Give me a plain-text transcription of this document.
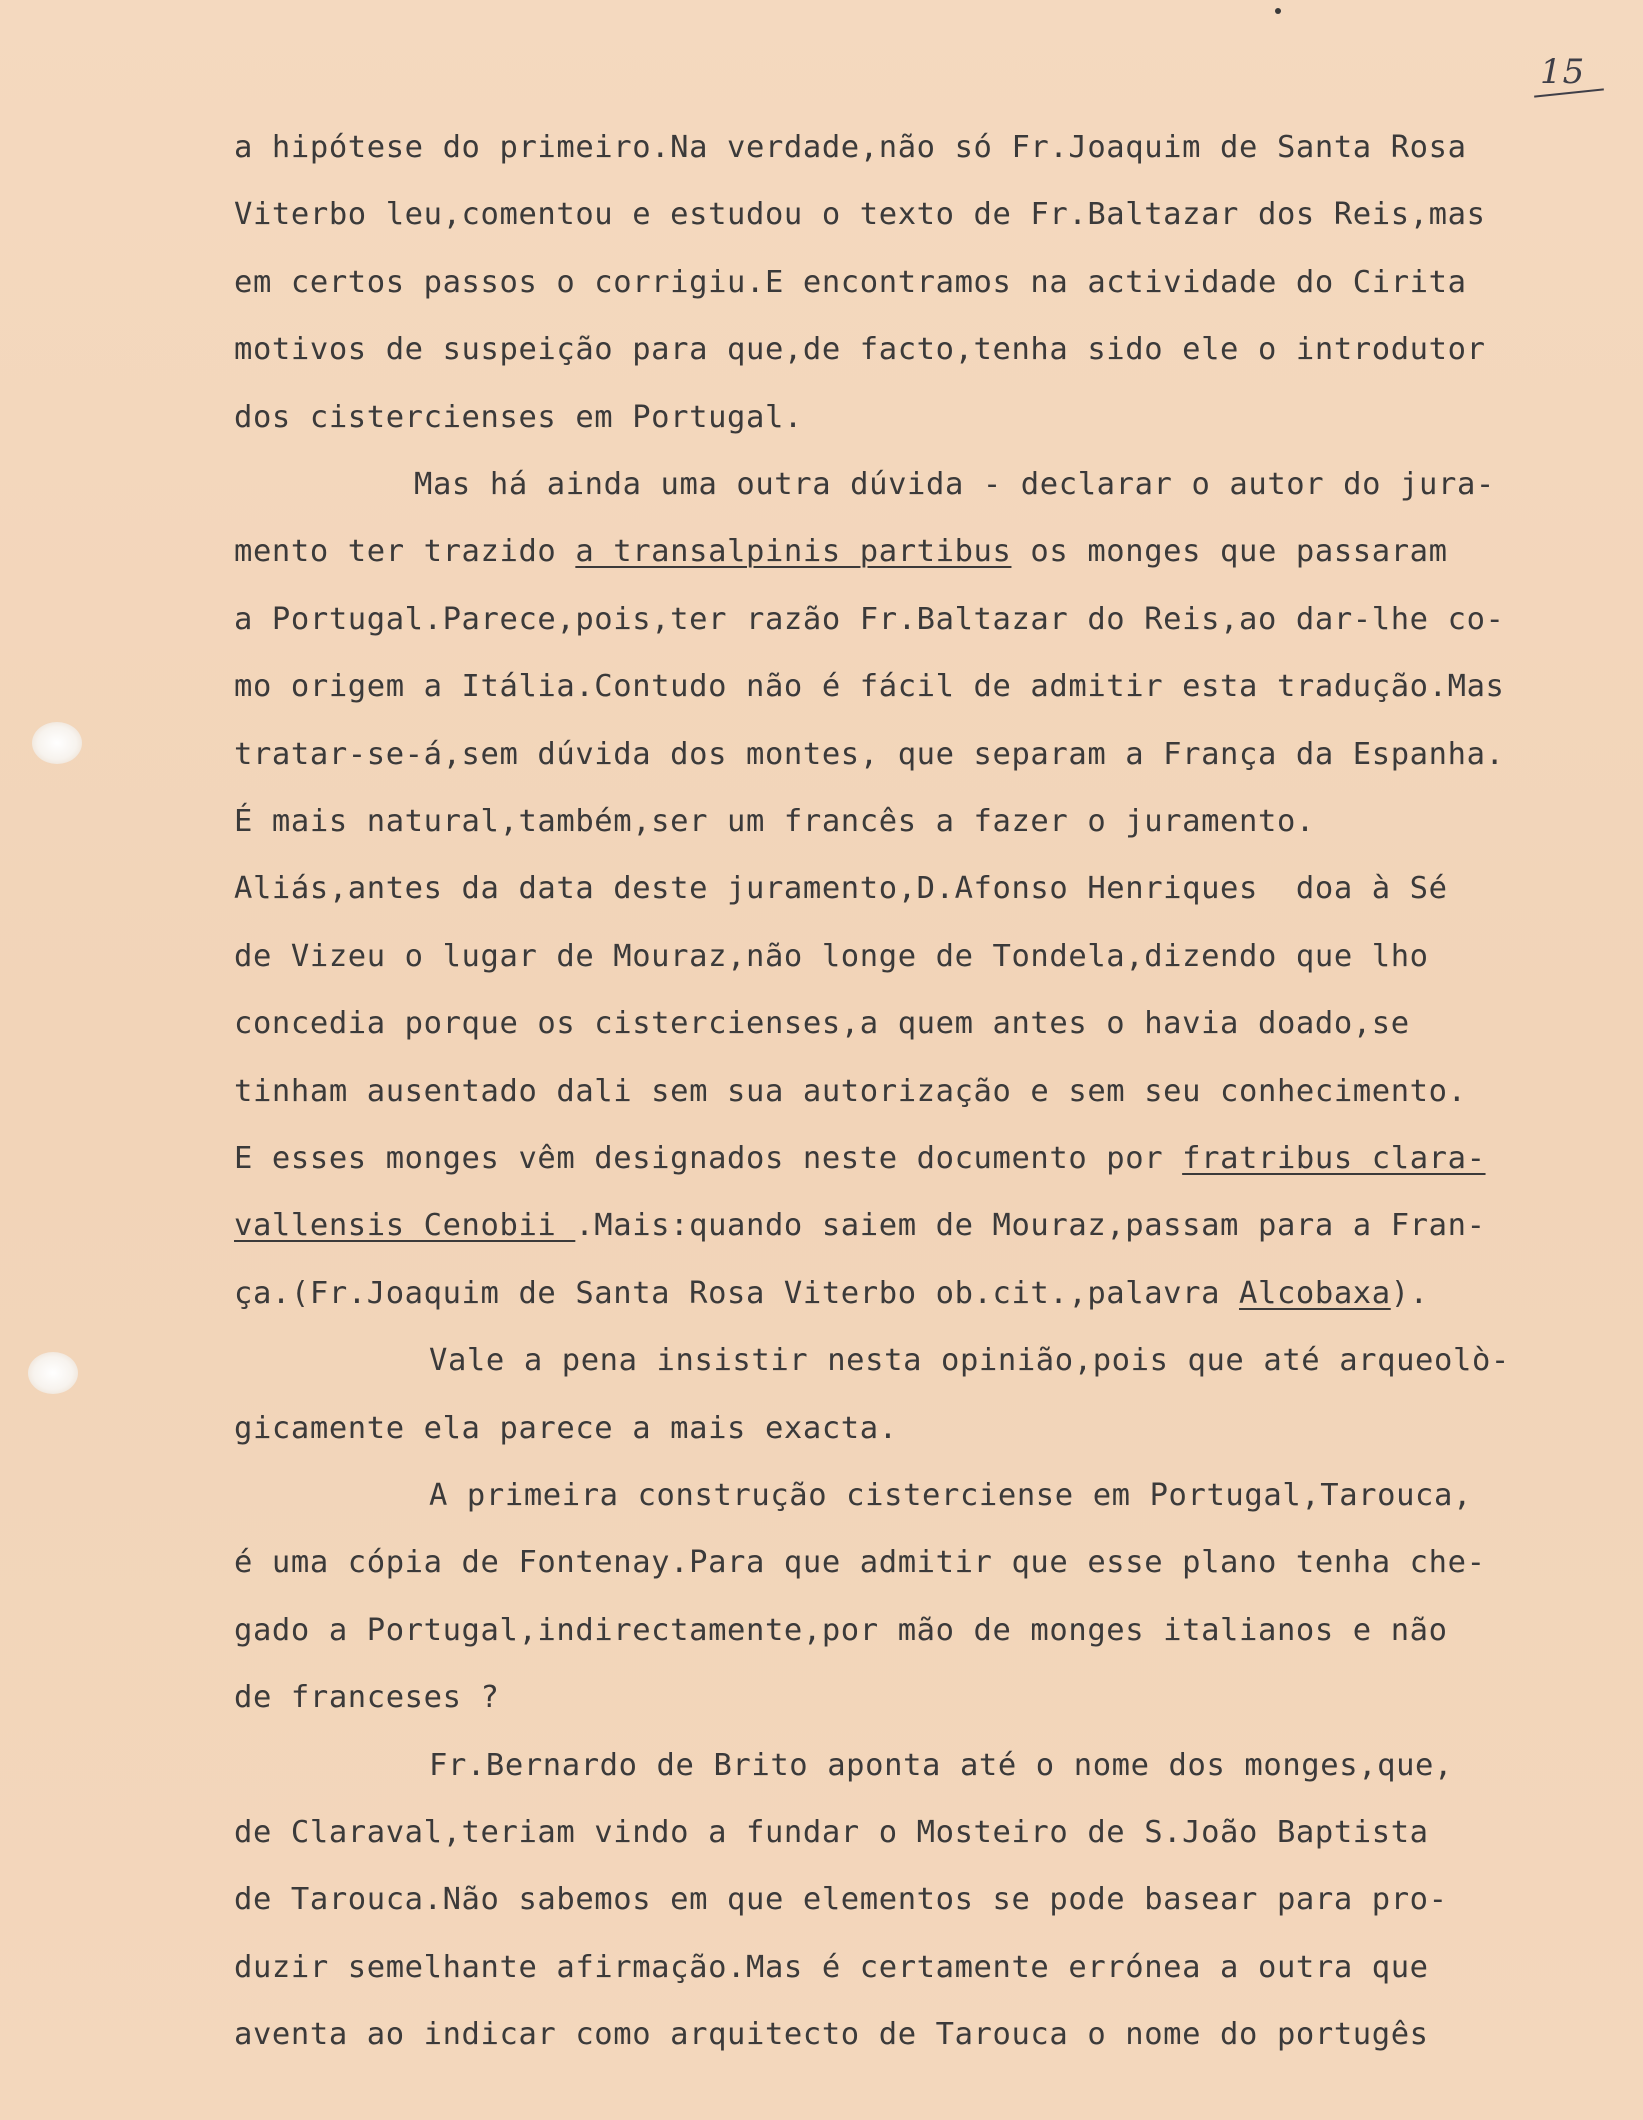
15
a hipótese do primeiro.Na verdade,não só Fr.Joaquim de Santa Rosa
Viterbo leu,comentou e estudou o texto de Fr.Baltazar dos Reis,mas
em certos passos o corrigiu.E encontramos na actividade do Cirita
motivos de suspeição para que,de facto,tenha sido ele o introdutor
dos cistercienses em Portugal.
Mas há ainda uma outra dúvida - declarar o autor do jura-
mento ter trazido a transalpinis partibus os monges que passaram
a Portugal.Parece,pois,ter razão Fr.Baltazar do Reis,ao dar-lhe co-
mo origem a Itália.Contudo não é fácil de admitir esta tradução.Mas
tratar-se-á,sem dúvida dos montes, que separam a França da Espanha.
É mais natural,também,ser um francês a fazer o juramento.
Aliás,antes da data deste juramento,D.Afonso Henriques  doa à Sé
de Vizeu o lugar de Mouraz,não longe de Tondela,dizendo que lho
concedia porque os cistercienses,a quem antes o havia doado,se
tinham ausentado dali sem sua autorização e sem seu conhecimento.
E esses monges vêm designados neste documento por fratribus clara-
vallensis Cenobii .Mais:quando saiem de Mouraz,passam para a Fran-
ça.(Fr.Joaquim de Santa Rosa Viterbo ob.cit.,palavra Alcobaxa).
Vale a pena insistir nesta opinião,pois que até arqueolò-
gicamente ela parece a mais exacta.
A primeira construção cisterciense em Portugal,Tarouca,
é uma cópia de Fontenay.Para que admitir que esse plano tenha che-
gado a Portugal,indirectamente,por mão de monges italianos e não
de franceses ?
Fr.Bernardo de Brito aponta até o nome dos monges,que,
de Claraval,teriam vindo a fundar o Mosteiro de S.João Baptista
de Tarouca.Não sabemos em que elementos se pode basear para pro-
duzir semelhante afirmação.Mas é certamente errónea a outra que
aventa ao indicar como arquitecto de Tarouca o nome do portugês
